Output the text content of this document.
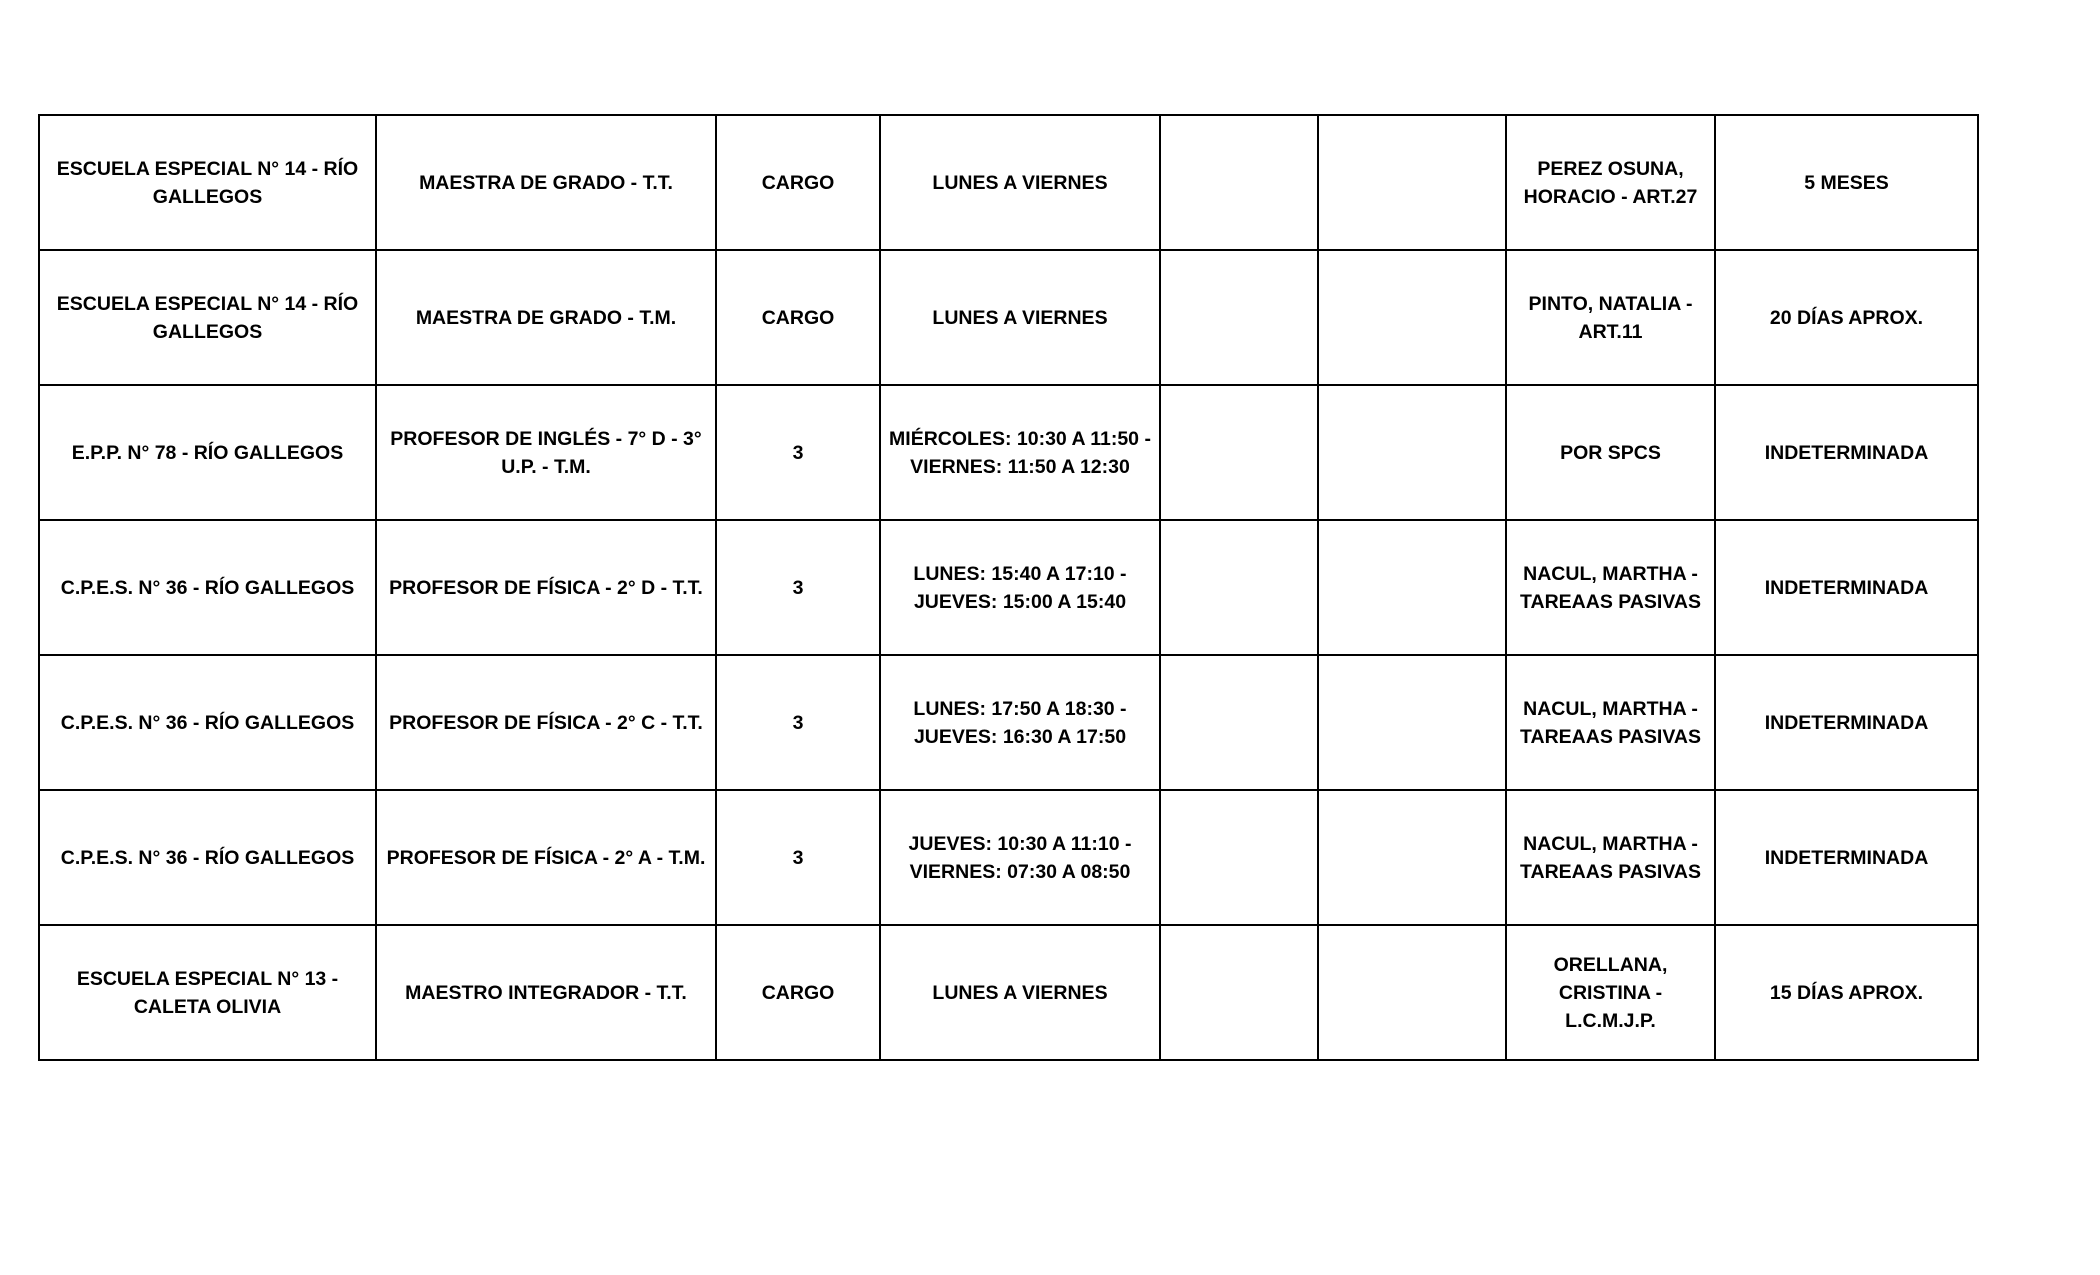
ESCUELA ESPECIAL N° 14 - RÍO GALLEGOS	MAESTRA DE GRADO - T.T.	CARGO	LUNES A VIERNES			PEREZ OSUNA, HORACIO - ART.27	5 MESES
ESCUELA ESPECIAL N° 14 - RÍO GALLEGOS	MAESTRA DE GRADO - T.M.	CARGO	LUNES A VIERNES			PINTO, NATALIA - ART.11	20 DÍAS APROX.
E.P.P. N° 78 - RÍO GALLEGOS	PROFESOR DE INGLÉS - 7° D - 3° U.P. - T.M.	3	MIÉRCOLES: 10:30 A 11:50 - VIERNES: 11:50 A 12:30			POR SPCS	INDETERMINADA
C.P.E.S. N° 36 - RÍO GALLEGOS	PROFESOR DE FÍSICA - 2° D - T.T.	3	LUNES: 15:40 A 17:10 - JUEVES: 15:00 A 15:40			NACUL, MARTHA - TAREAAS PASIVAS	INDETERMINADA
C.P.E.S. N° 36 - RÍO GALLEGOS	PROFESOR DE FÍSICA - 2° C - T.T.	3	LUNES: 17:50 A 18:30 - JUEVES: 16:30 A 17:50			NACUL, MARTHA - TAREAAS PASIVAS	INDETERMINADA
C.P.E.S. N° 36 - RÍO GALLEGOS	PROFESOR DE FÍSICA - 2° A - T.M.	3	JUEVES: 10:30 A 11:10 - VIERNES: 07:30 A 08:50			NACUL, MARTHA - TAREAAS PASIVAS	INDETERMINADA
ESCUELA ESPECIAL N° 13 - CALETA OLIVIA	MAESTRO INTEGRADOR - T.T.	CARGO	LUNES A VIERNES			ORELLANA, CRISTINA - L.C.M.J.P.	15 DÍAS APROX.
